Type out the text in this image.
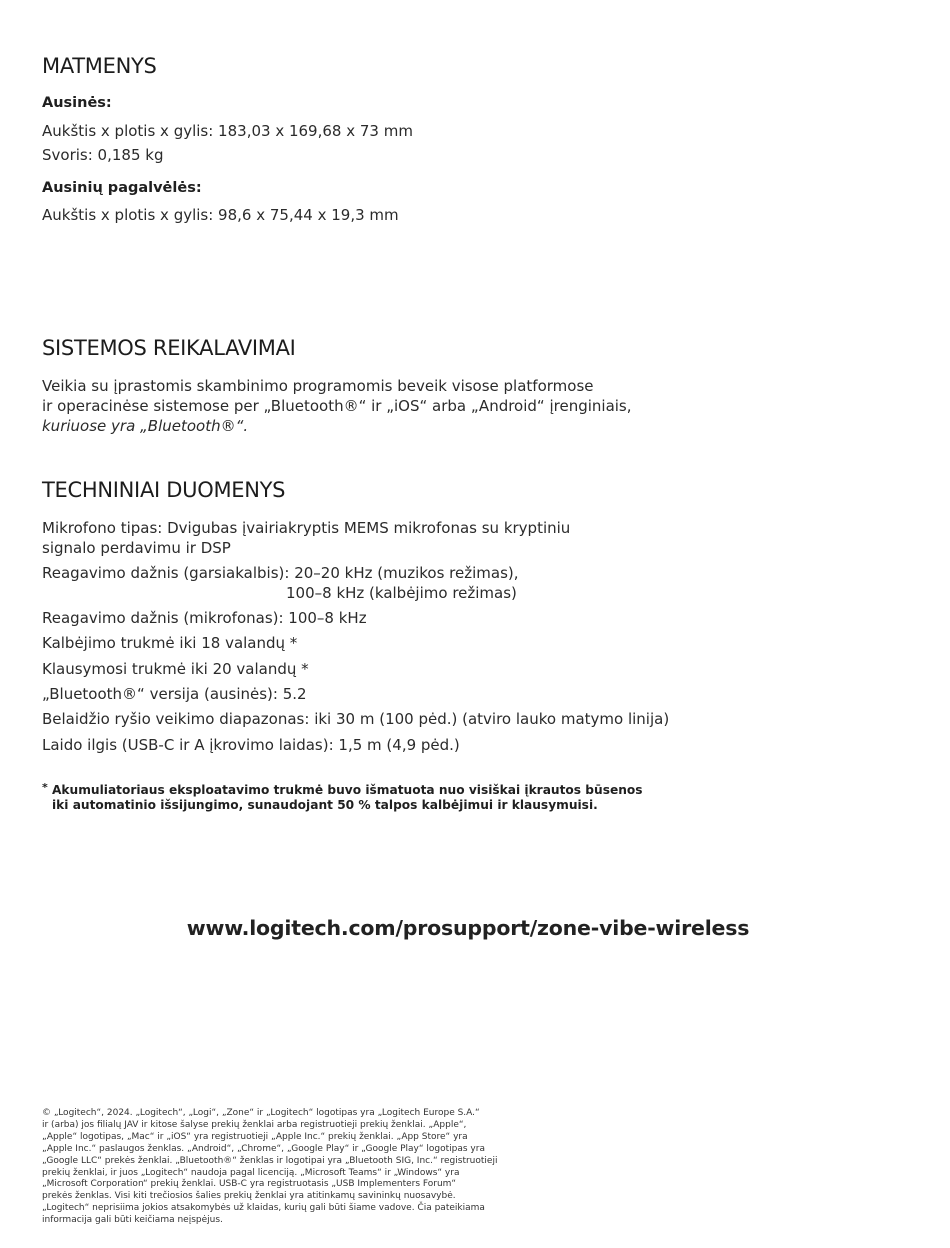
MATMENYS

Ausinės:

Aukštis x plotis x gylis: 183,03 x 169,68 x 73 mm

Svoris: 0,185 kg

Ausinių pagalvėlės:

Aukštis x plotis x gylis: 98,6 x 75,44 x 19,3 mm

SISTEMOS REIKALAVIMAI

Veikia su įprastomis skambinimo programomis beveik visose platformose

ir operacinėse sistemose per „Bluetooth®“ ir „iOS“ arba „Android“ įrenginiais,

kuriuose yra „Bluetooth®“.

TECHNINIAI DUOMENYS

Mikrofono tipas: Dvigubas įvairiakryptis MEMS mikrofonas su kryptiniu

signalo perdavimu ir DSP

Reagavimo dažnis (garsiakalbis): 20–20 kHz (muzikos režimas),

100–8 kHz (kalbėjimo režimas)

Reagavimo dažnis (mikrofonas): 100–8 kHz

Kalbėjimo trukmė iki 18 valandų *

Klausymosi trukmė iki 20 valandų *

„Bluetooth®“ versija (ausinės): 5.2

Belaidžio ryšio veikimo diapazonas: iki 30 m (100 pėd.) (atviro lauko matymo linija)

Laido ilgis (USB-C ir A įkrovimo laidas): 1,5 m (4,9 pėd.)

* Akumuliatoriaus eksploatavimo trukmė buvo išmatuota nuo visiškai įkrautos būsenos
iki automatinio išsijungimo, sunaudojant 50 % talpos kalbėjimui ir klausymuisi.

www.logitech.com/prosupport/zone-vibe-wireless

© „Logitech“, 2024. „Logitech“, „Logi“, „Zone“ ir „Logitech“ logotipas yra „Logitech Europe S.A.“
ir (arba) jos filialų JAV ir kitose šalyse prekių ženklai arba registruotieji prekių ženklai. „Apple“,
„Apple“ logotipas, „Mac“ ir „iOS“ yra registruotieji „Apple Inc.“ prekių ženklai. „App Store“ yra
„Apple Inc.“ paslaugos ženklas. „Android“, „Chrome“, „Google Play“ ir „Google Play“ logotipas yra
„Google LLC“ prekės ženklai. „Bluetooth®“ ženklas ir logotipai yra „Bluetooth SIG, Inc.“ registruotieji
prekių ženklai, ir juos „Logitech“ naudoja pagal licenciją. „Microsoft Teams“ ir „Windows“ yra
„Microsoft Corporation“ prekių ženklai. USB-C yra registruotasis „USB Implementers Forum“
prekės ženklas. Visi kiti trečiosios šalies prekių ženklai yra atitinkamų savininkų nuosavybė.
„Logitech“ neprisiima jokios atsakomybės už klaidas, kurių gali būti šiame vadove. Čia pateikiama
informacija gali būti keičiama neįspėjus.
